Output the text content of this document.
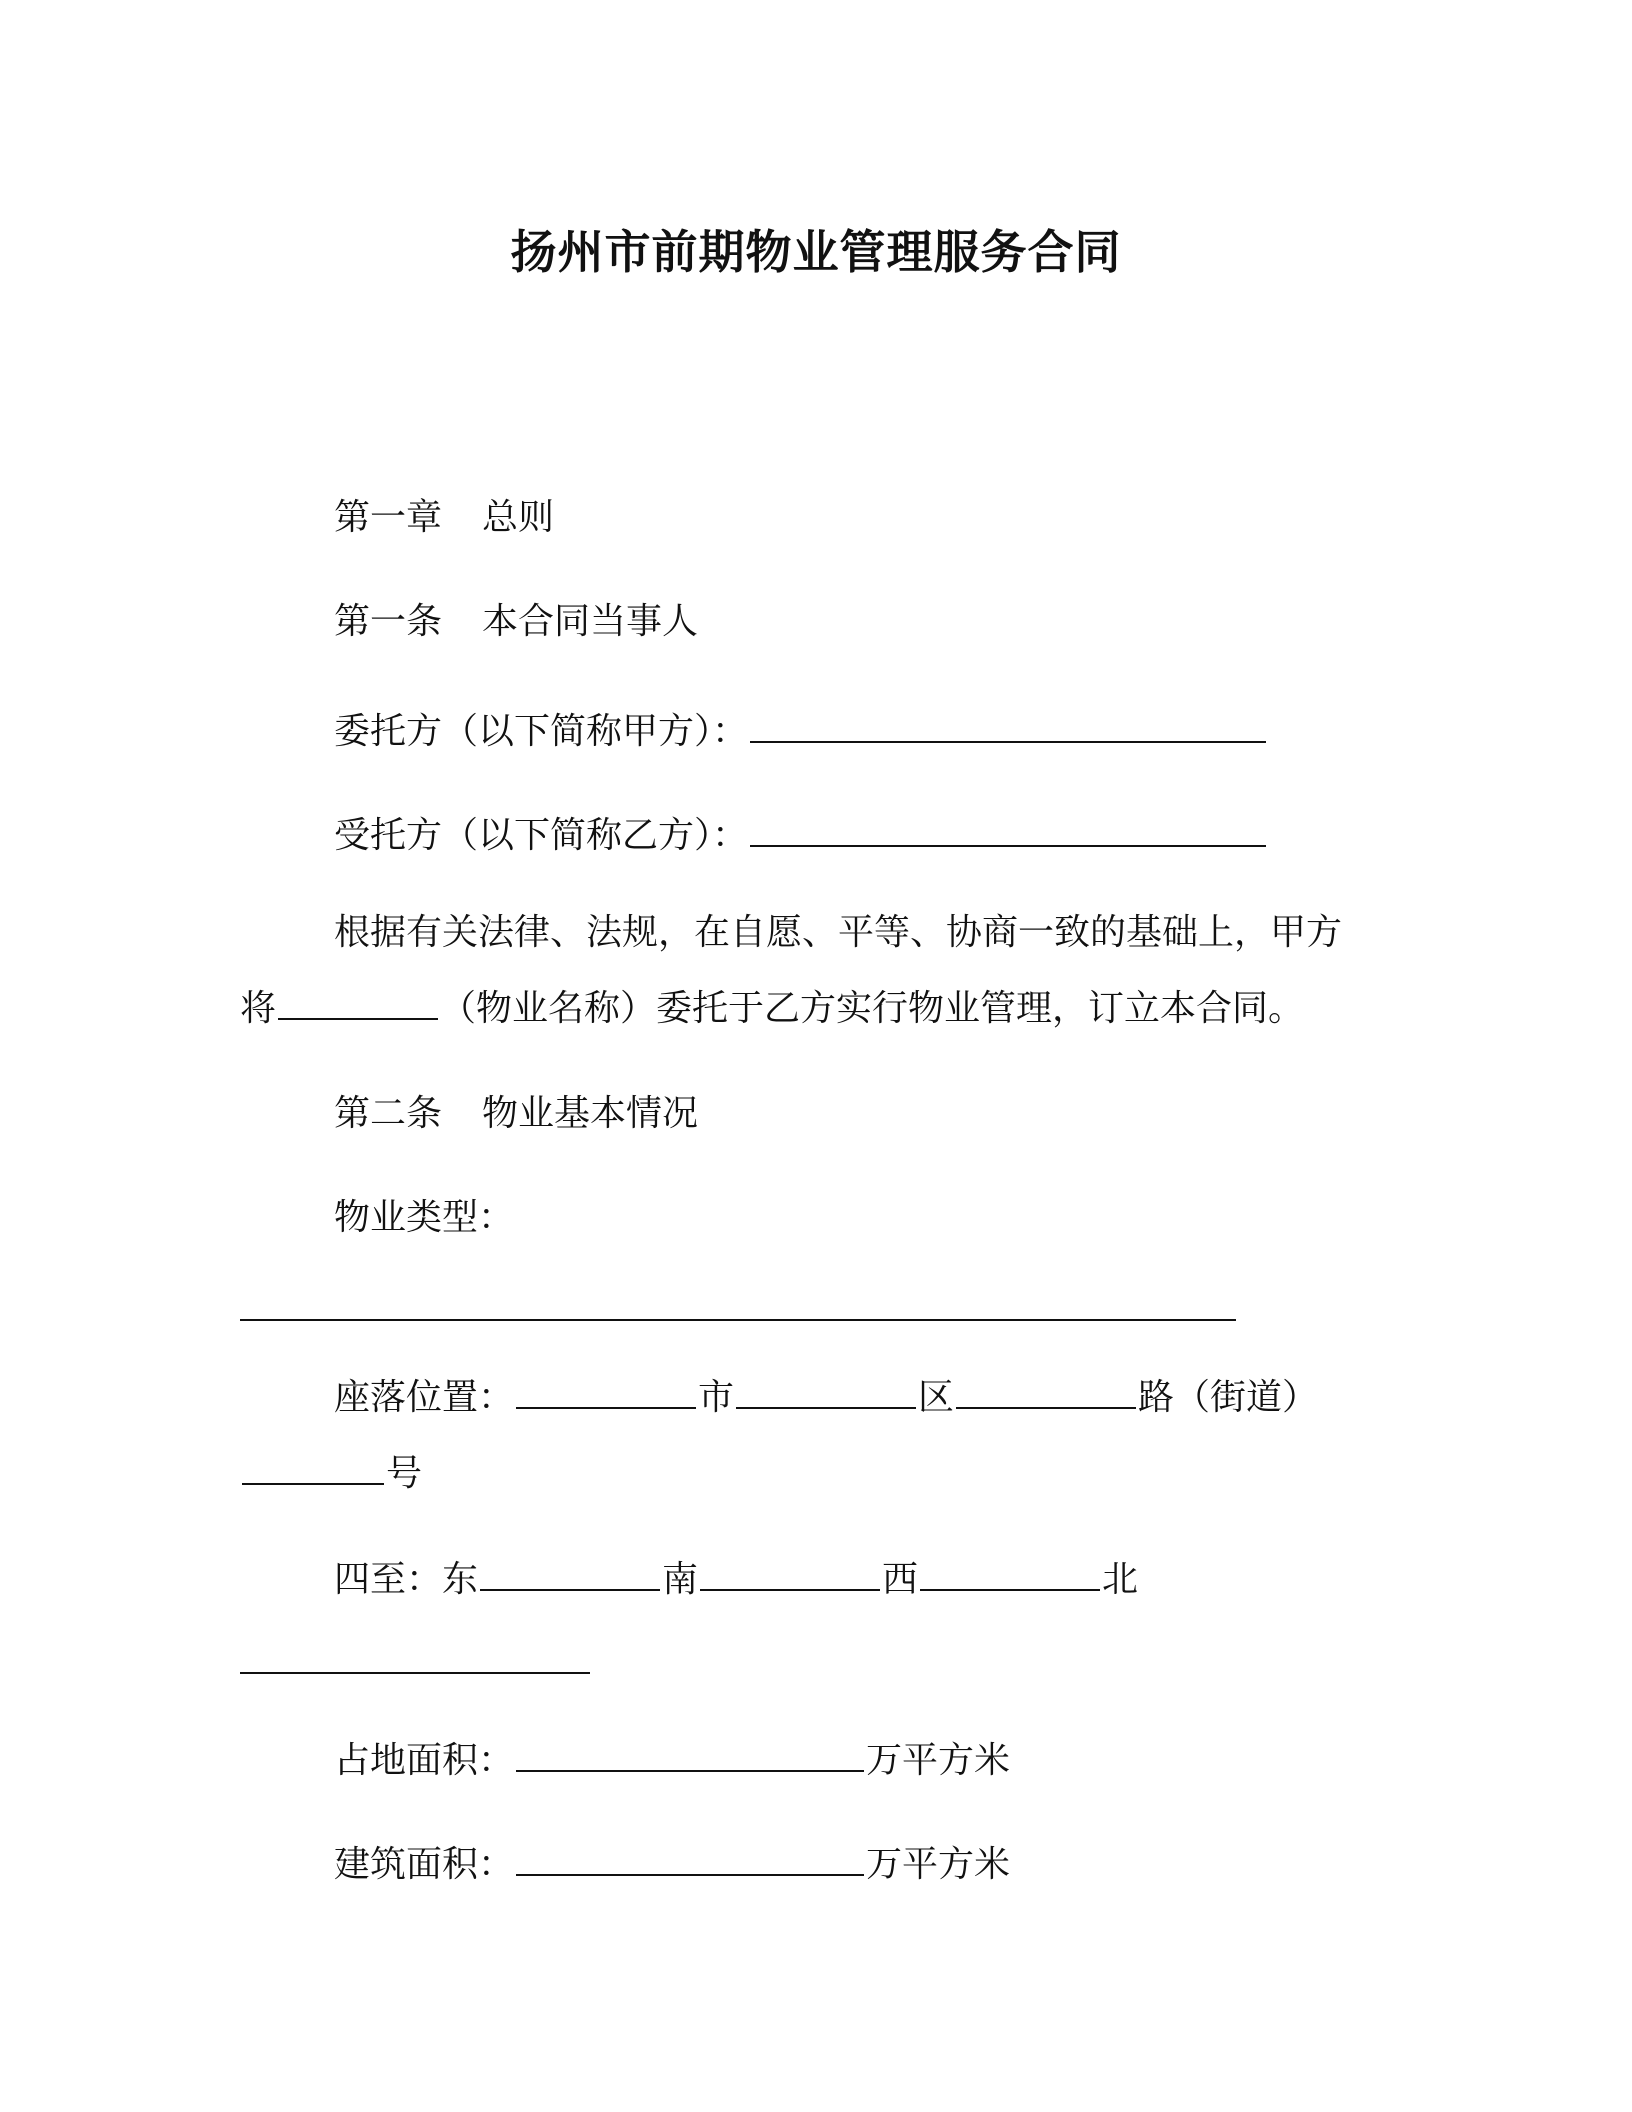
扬州市前期物业管理服务合同
第一章 总则
第一条 本合同当事人
委托方（以下简称甲方）：
受托方（以下简称乙方）：
根据有关法律、法规，在自愿、平等、协商一致的基础上，甲方
将	（物业名称）委托于乙方实行物业管理，订立本合同。
第二条 物业基本情况
物业类型：
座落位置：	市	区	路（街道）
号
四至：东	南	西	北
占地面积：	万平方米
建筑面积：	万平方米
